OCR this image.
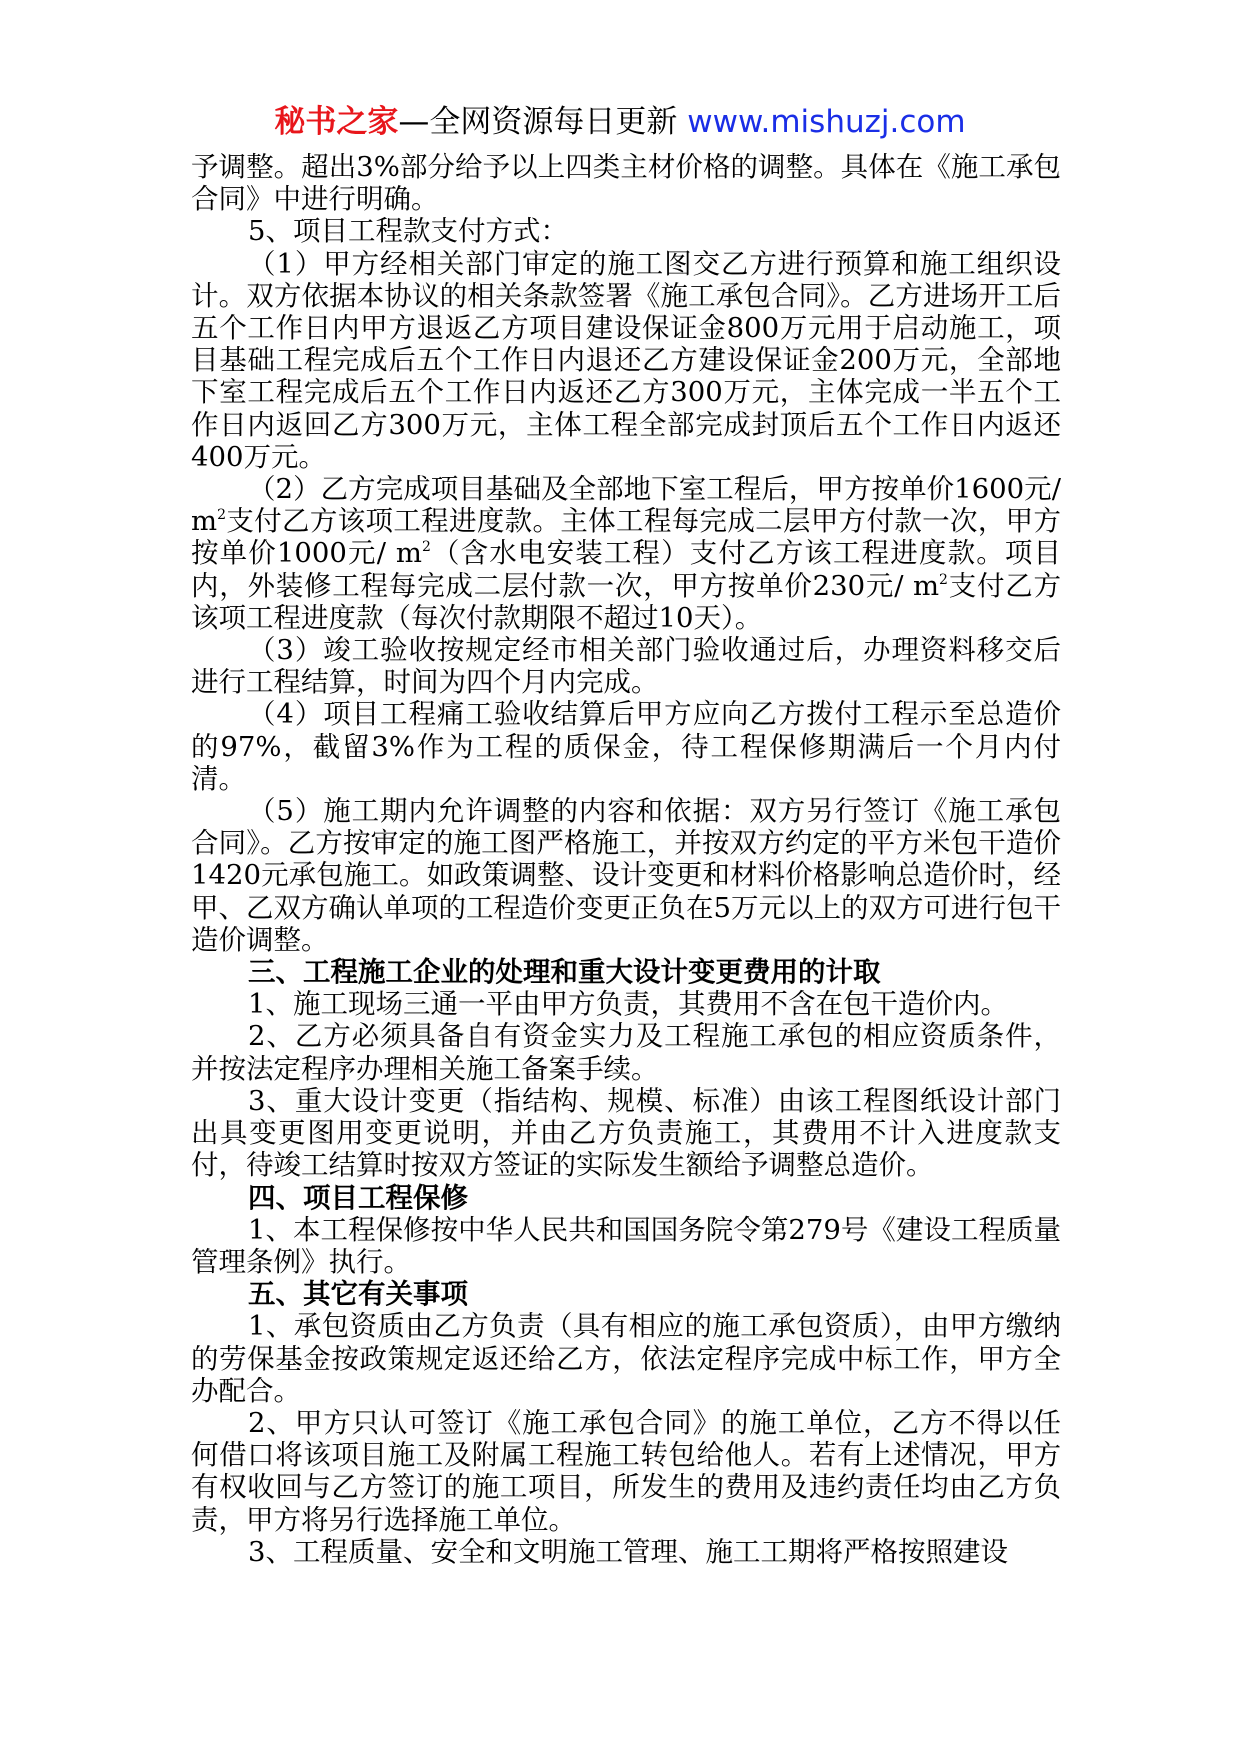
秘书之家—全网资源每日更新 www.mishuzj.com

予调整。超出3%部分给予以上四类主材价格的调整。具体在《施工承包合同》中进行明确。

5、项目工程款支付方式：

（1）甲方经相关部门审定的施工图交乙方进行预算和施工组织设计。双方依据本协议的相关条款签署《施工承包合同》。乙方进场开工后五个工作日内甲方退返乙方项目建设保证金800万元用于启动施工，项目基础工程完成后五个工作日内退还乙方建设保证金200万元，全部地下室工程完成后五个工作日内返还乙方300万元，主体完成一半五个工作日内返回乙方300万元，主体工程全部完成封顶后五个工作日内返还400万元。

（2）乙方完成项目基础及全部地下室工程后，甲方按单价1600元/ $m^2$支付乙方该项工程进度款。主体工程每完成二层甲方付款一次，甲方按单价1000元/ $m^2$（含水电安装工程）支付乙方该工程进度款。项目内，外装修工程每完成二层付款一次，甲方按单价230元/ $m^2$支付乙方该项工程进度款（每次付款期限不超过10天）。

（3）竣工验收按规定经市相关部门验收通过后，办理资料移交后进行工程结算，时间为四个月内完成。

（4）项目工程痛工验收结算后甲方应向乙方拨付工程示至总造价的97%，截留3%作为工程的质保金，待工程保修期满后一个月内付清。

（5）施工期内允许调整的内容和依据：双方另行签订《施工承包合同》。乙方按审定的施工图严格施工，并按双方约定的平方米包干造价1420元承包施工。如政策调整、设计变更和材料价格影响总造价时，经甲、乙双方确认单项的工程造价变更正负在5万元以上的双方可进行包干造价调整。

三、工程施工企业的处理和重大设计变更费用的计取

1、施工现场三通一平由甲方负责，其费用不含在包干造价内。

2、乙方必须具备自有资金实力及工程施工承包的相应资质条件，并按法定程序办理相关施工备案手续。

3、重大设计变更（指结构、规模、标准）由该工程图纸设计部门出具变更图用变更说明，并由乙方负责施工，其费用不计入进度款支付，待竣工结算时按双方签证的实际发生额给予调整总造价。

四、项目工程保修

1、本工程保修按中华人民共和国国务院令第279号《建设工程质量管理条例》执行。

五、其它有关事项

1、承包资质由乙方负责（具有相应的施工承包资质），由甲方缴纳的劳保基金按政策规定返还给乙方，依法定程序完成中标工作，甲方全办配合。

2、甲方只认可签订《施工承包合同》的施工单位，乙方不得以任何借口将该项目施工及附属工程施工转包给他人。若有上述情况，甲方有权收回与乙方签订的施工项目，所发生的费用及违约责任均由乙方负责，甲方将另行选择施工单位。

3、工程质量、安全和文明施工管理、施工工期将严格按照建设
